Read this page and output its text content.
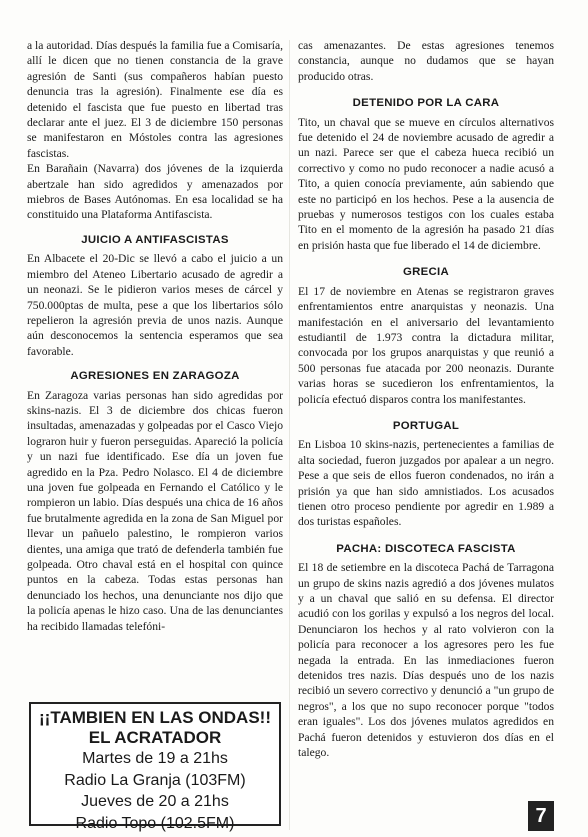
a la autoridad. Días después la familia fue a Comisaría, allí le dicen que no tienen constancia de la grave agresión de Santi (sus compañeros habían puesto denuncia tras la agresión). Finalmente ese día es detenido el fascista que fue puesto en libertad tras declarar ante el juez. El 3 de diciembre 150 personas se manifestaron en Móstoles contra las agresiones fascistas.

En Barañain (Navarra) dos jóvenes de la izquierda abertzale han sido agredidos y amenazados por miebros de Bases Autónomas. En esa localidad se ha constituido una Plataforma Antifascista.

JUICIO A ANTIFASCISTAS

En Albacete el 20-Dic se llevó a cabo el juicio a un miembro del Ateneo Libertario acusado de agredir a un neonazi. Se le pidieron varios meses de cárcel y 750.000ptas de multa, pese a que los libertarios sólo repelieron la agresión previa de unos nazis. Aunque aún desconocemos la sentencia esperamos que sea favorable.

AGRESIONES EN ZARAGOZA

En Zaragoza varias personas han sido agredidas por skins-nazis. El 3 de diciembre dos chicas fueron insultadas, amenazadas y golpeadas por el Casco Viejo lograron huir y fueron perseguidas. Apareció la policía y un nazi fue identificado. Ese día un joven fue agredido en la Pza. Pedro Nolasco. El 4 de diciembre una joven fue golpeada en Fernando el Católico y le rompieron un labio. Días después una chica de 16 años fue brutalmente agredida en la zona de San Miguel por llevar un pañuelo palestino, le rompieron varios dientes, una amiga que trató de defenderla también fue golpeada. Otro chaval está en el hospital con quince puntos en la cabeza. Todas estas personas han denunciado los hechos, una denunciante nos dijo que la policía apenas le hizo caso. Una de las denunciantes ha recibido llamadas telefóni-

¡¡TAMBIEN EN LAS ONDAS!!
EL ACRATADOR
Martes de 19 a 21hs
Radio La Granja (103FM)
Jueves de 20 a 21hs
Radio Topo (102.5FM)

cas amenazantes. De estas agresiones tenemos constancia, aunque no dudamos que se hayan producido otras.

DETENIDO POR LA CARA

Tito, un chaval que se mueve en círculos alternativos fue detenido el 24 de noviembre acusado de agredir a un nazi. Parece ser que el cabeza hueca recibió un correctivo y como no pudo reconocer a nadie acusó a Tito, a quien conocía previamente, aún sabiendo que este no participó en los hechos. Pese a la ausencia de pruebas y numerosos testigos con los cuales estaba Tito en el momento de la agresión ha pasado 21 días en prisión hasta que fue liberado el 14 de diciembre.

GRECIA

El 17 de noviembre en Atenas se registraron graves enfrentamientos entre anarquistas y neonazis. Una manifestación en el aniversario del levantamiento estudiantil de 1.973 contra la dictadura militar, convocada por los grupos anarquistas y que reunió a 500 personas fue atacada por 200 neonazis. Durante varias horas se sucedieron los enfrentamientos, la policía efectuó disparos contra los manifestantes.

PORTUGAL

En Lisboa 10 skins-nazis, pertenecientes a familias de alta sociedad, fueron juzgados por apalear a un negro. Pese a que seis de ellos fueron condenados, no irán a prisión ya que han sido amnistiados. Los acusados tienen otro proceso pendiente por agredir en 1.989 a dos turistas españoles.

PACHA: DISCOTECA FASCISTA

El 18 de setiembre en la discoteca Pachá de Tarragona un grupo de skins nazis agredió a dos jóvenes mulatos y a un chaval que salió en su defensa. El director acudió con los gorilas y expulsó a los negros del local. Denunciaron los hechos y al rato volvieron con la policía para reconocer a los agresores pero les fue negada la entrada. En las inmediaciones fueron detenidos tres nazis. Días después uno de los nazis recibió un severo correctivo y denunció a "un grupo de negros", a los que no supo reconocer porque "todos eran iguales". Los dos jóvenes mulatos agredidos en Pachá fueron detenidos y estuvieron dos días en el talego.

7
